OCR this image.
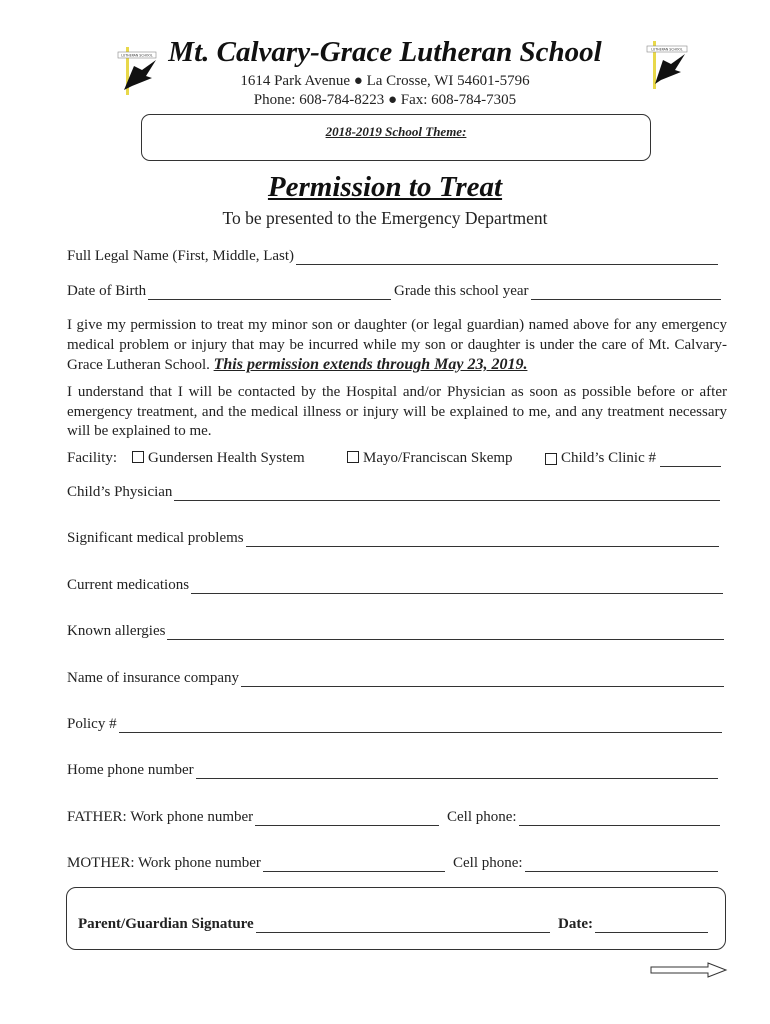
LUTHERAN SCHOOL
LUTHERAN SCHOOL
Mt. Calvary-Grace Lutheran School
1614 Park Avenue ● La Crosse, WI 54601-5796
Phone: 608-784-8223 ● Fax: 608-784-7305
2018-2019 School Theme:
Permission to Treat
To be presented to the Emergency Department
Full Legal Name (First, Middle, Last)
Date of Birth	Grade this school year
I give my permission to treat my minor son or daughter (or legal guardian) named above for any emergency medical problem or injury that may be incurred while my son or daughter is under the care of Mt. Calvary-Grace Lutheran School. This permission extends through May 23, 2019.
I understand that I will be contacted by the Hospital and/or Physician as soon as possible before or after emergency treatment, and the medical illness or injury will be explained to me, and any treatment necessary will be explained to me.
Facility:	Gundersen Health System	Mayo/Franciscan Skemp	Child’s Clinic #
Child’s Physician
Significant medical problems
Current medications
Known allergies
Name of insurance company
Policy #
Home phone number
FATHER: Work phone number	Cell phone:
MOTHER: Work phone number	Cell phone:
Parent/Guardian Signature	Date:
